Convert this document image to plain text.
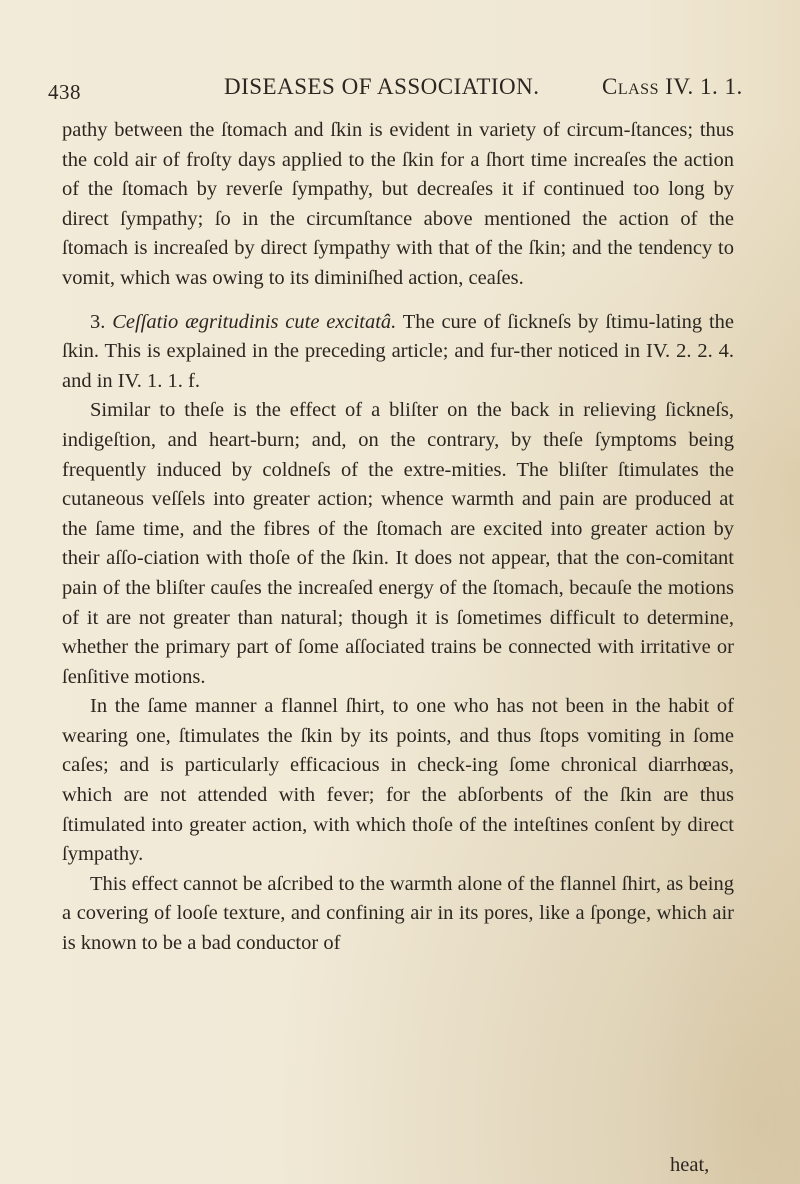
438	DISEASES OF ASSOCIATION.	Class IV. 1. 1.

pathy between the ſtomach and ſkin is evident in variety of circum-ſtances; thus the cold air of froſty days applied to the ſkin for a ſhort time increaſes the action of the ſtomach by reverſe ſympathy, but decreaſes it if continued too long by direct ſympathy; ſo in the circumſtance above mentioned the action of the ſtomach is increaſed by direct ſympathy with that of the ſkin; and the tendency to vomit, which was owing to its diminiſhed action, ceaſes.

3. Ceſſatio ægritudinis cute excitatâ. The cure of ſickneſs by ſtimu-lating the ſkin. This is explained in the preceding article; and fur-ther noticed in IV. 2. 2. 4. and in IV. 1. 1. f.

Similar to theſe is the effect of a bliſter on the back in relieving ſickneſs, indigeſtion, and heart-burn; and, on the contrary, by theſe ſymptoms being frequently induced by coldneſs of the extre-mities. The bliſter ſtimulates the cutaneous veſſels into greater action; whence warmth and pain are produced at the ſame time, and the fibres of the ſtomach are excited into greater action by their aſſo-ciation with thoſe of the ſkin. It does not appear, that the con-comitant pain of the bliſter cauſes the increaſed energy of the ſtomach, becauſe the motions of it are not greater than natural; though it is ſometimes difficult to determine, whether the primary part of ſome aſſociated trains be connected with irritative or ſenſitive motions.

In the ſame manner a flannel ſhirt, to one who has not been in the habit of wearing one, ſtimulates the ſkin by its points, and thus ſtops vomiting in ſome caſes; and is particularly efficacious in check-ing ſome chronical diarrhœas, which are not attended with fever; for the abſorbents of the ſkin are thus ſtimulated into greater action, with which thoſe of the inteſtines conſent by direct ſympathy.

This effect cannot be aſcribed to the warmth alone of the flannel ſhirt, as being a covering of looſe texture, and confining air in its pores, like a ſponge, which air is known to be a bad conductor of

heat,
